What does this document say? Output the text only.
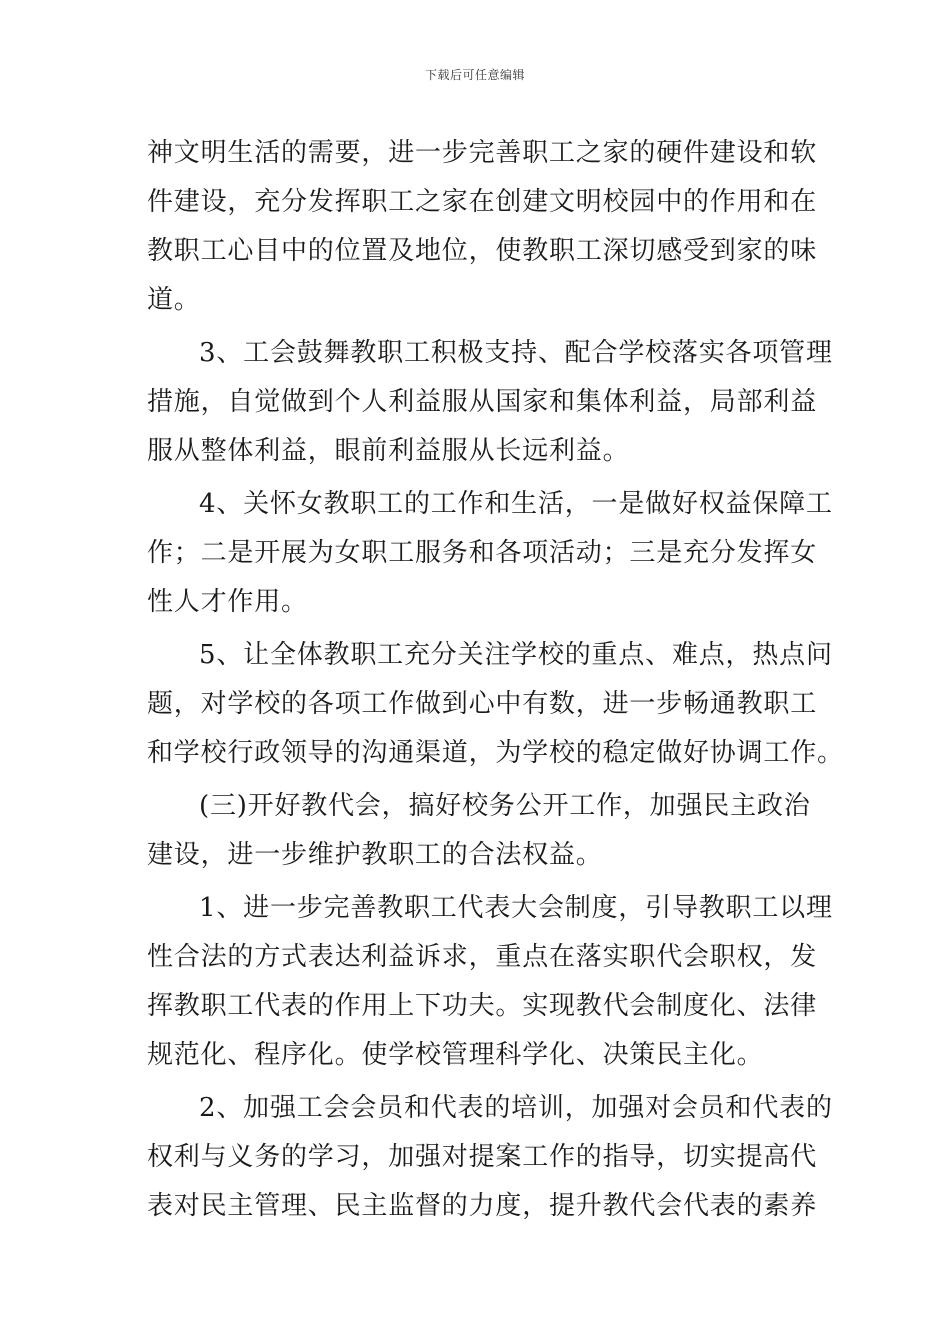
下载后可任意编辑

神文明生活的需要，进一步完善职工之家的硬件建设和软
件建设，充分发挥职工之家在创建文明校园中的作用和在
教职工心目中的位置及地位，使教职工深切感受到家的味
道。

3、工会鼓舞教职工积极支持、配合学校落实各项管理
措施，自觉做到个人利益服从国家和集体利益，局部利益
服从整体利益，眼前利益服从长远利益。

4、关怀女教职工的工作和生活，一是做好权益保障工
作；二是开展为女职工服务和各项活动；三是充分发挥女
性人才作用。

5、让全体教职工充分关注学校的重点、难点，热点问
题，对学校的各项工作做到心中有数，进一步畅通教职工
和学校行政领导的沟通渠道，为学校的稳定做好协调工作。

(三)开好教代会，搞好校务公开工作，加强民主政治
建设，进一步维护教职工的合法权益。

1、进一步完善教职工代表大会制度，引导教职工以理
性合法的方式表达利益诉求，重点在落实职代会职权，发
挥教职工代表的作用上下功夫。实现教代会制度化、法律
规范化、程序化。使学校管理科学化、决策民主化。

2、加强工会会员和代表的培训，加强对会员和代表的
权利与义务的学习，加强对提案工作的指导，切实提高代
表对民主管理、民主监督的力度，提升教代会代表的素养
